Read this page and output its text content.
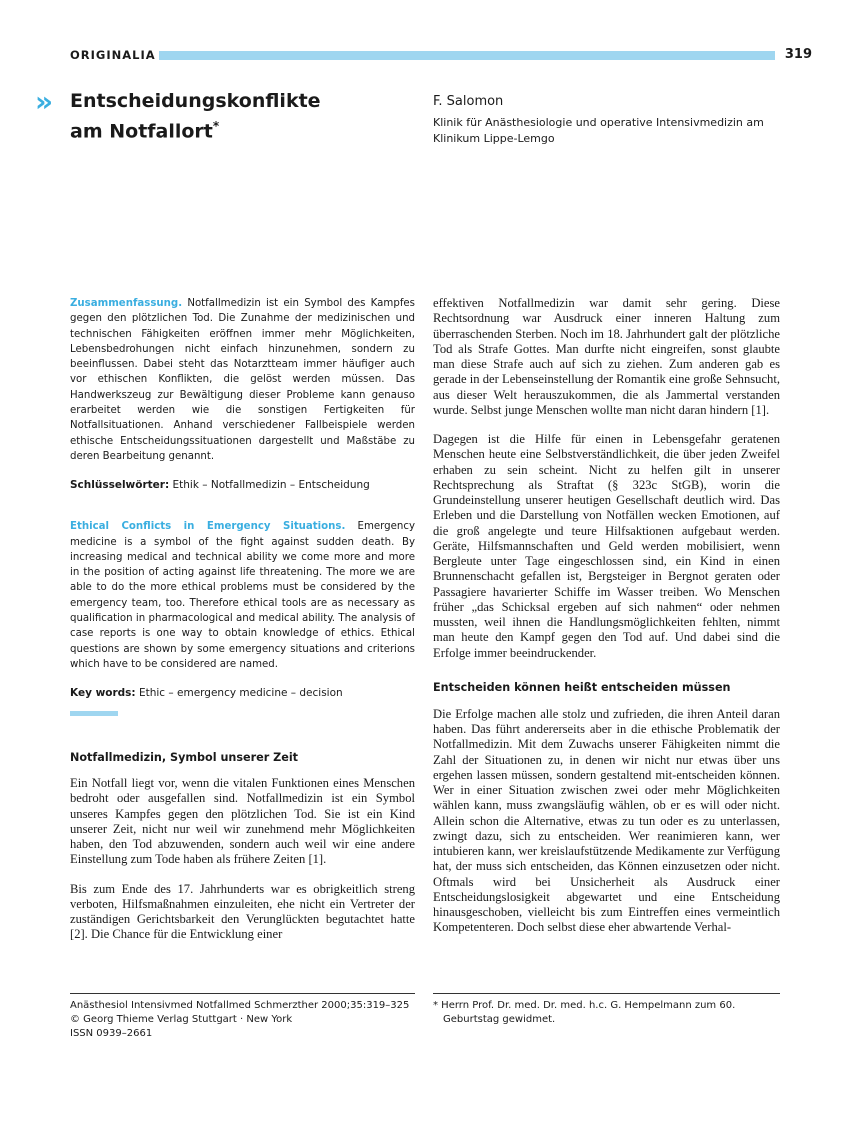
ORIGINALIA	319
» Entscheidungskonflikte
am Notfallort*
F. Salomon
Klinik für Anästhesiologie und operative Intensivmedizin am Klinikum Lippe-Lemgo

Zusammenfassung. Notfallmedizin ist ein Symbol des Kampfes gegen den plötzlichen Tod. Die Zunahme der medizinischen und technischen Fähigkeiten eröffnen immer mehr Möglichkeiten, Lebensbedrohungen nicht einfach hinzunehmen, sondern zu beeinflussen. Dabei steht das Notarztteam immer häufiger auch vor ethischen Konflikten, die gelöst werden müssen. Das Handwerkszeug zur Bewältigung dieser Probleme kann genauso erarbeitet werden wie die sonstigen Fertigkeiten für Notfallsituationen. Anhand verschiedener Fallbeispiele werden ethische Entscheidungssituationen dargestellt und Maßstäbe zu deren Bearbeitung genannt.

Schlüsselwörter: Ethik – Notfallmedizin – Entscheidung

Ethical Conflicts in Emergency Situations. Emergency medicine is a symbol of the fight against sudden death. By increasing medical and technical ability we come more and more in the position of acting against life threatening. The more we are able to do the more ethical problems must be considered by the emergency team, too. Therefore ethical tools are as necessary as qualification in pharmacological and medical ability. The analysis of case reports is one way to obtain knowledge of ethics. Ethical questions are shown by some emergency situations and criterions which have to be considered are named.

Key words: Ethic – emergency medicine – decision

Notfallmedizin, Symbol unserer Zeit

Ein Notfall liegt vor, wenn die vitalen Funktionen eines Menschen bedroht oder ausgefallen sind. Notfallmedizin ist ein Symbol unseres Kampfes gegen den plötzlichen Tod. Sie ist ein Kind unserer Zeit, nicht nur weil wir zunehmend mehr Möglichkeiten haben, den Tod abzuwenden, sondern auch weil wir eine andere Einstellung zum Tode haben als frühere Zeiten [1].

Bis zum Ende des 17. Jahrhunderts war es obrigkeitlich streng verboten, Hilfsmaßnahmen einzuleiten, ehe nicht ein Vertreter der zuständigen Gerichtsbarkeit den Verunglückten begutachtet hatte [2]. Die Chance für die Entwicklung einer

effektiven Notfallmedizin war damit sehr gering. Diese Rechtsordnung war Ausdruck einer inneren Haltung zum überraschenden Sterben. Noch im 18. Jahrhundert galt der plötzliche Tod als Strafe Gottes. Man durfte nicht eingreifen, sonst glaubte man diese Strafe auch auf sich zu ziehen. Zum anderen gab es gerade in der Lebenseinstellung der Romantik eine große Sehnsucht, aus dieser Welt herauszukommen, die als Jammertal verstanden wurde. Selbst junge Menschen wollte man nicht daran hindern [1].

Dagegen ist die Hilfe für einen in Lebensgefahr geratenen Menschen heute eine Selbstverständlichkeit, die über jeden Zweifel erhaben zu sein scheint. Nicht zu helfen gilt in unserer Rechtsprechung als Straftat (§ 323c StGB), worin die Grundeinstellung unserer heutigen Gesellschaft deutlich wird. Das Erleben und die Darstellung von Notfällen wecken Emotionen, auf die groß angelegte und teure Hilfsaktionen aufgebaut werden. Geräte, Hilfsmannschaften und Geld werden mobilisiert, wenn Bergleute unter Tage eingeschlossen sind, ein Kind in einen Brunnenschacht gefallen ist, Bergsteiger in Bergnot geraten oder Passagiere havarierter Schiffe im Wasser treiben. Wo Menschen früher „das Schicksal ergeben auf sich nahmen“ oder nehmen mussten, weil ihnen die Handlungsmöglichkeiten fehlten, nimmt man heute den Kampf gegen den Tod auf. Und dabei sind die Erfolge immer beeindruckender.

Entscheiden können heißt entscheiden müssen

Die Erfolge machen alle stolz und zufrieden, die ihren Anteil daran haben. Das führt andererseits aber in die ethische Problematik der Notfallmedizin. Mit dem Zuwachs unserer Fähigkeiten nimmt die Zahl der Situationen zu, in denen wir nicht nur etwas über uns ergehen lassen müssen, sondern gestaltend mit-entscheiden können. Wer in einer Situation zwischen zwei oder mehr Möglichkeiten wählen kann, muss zwangsläufig wählen, ob er es will oder nicht. Allein schon die Alternative, etwas zu tun oder es zu unterlassen, zwingt dazu, sich zu entscheiden. Wer reanimieren kann, wer intubieren kann, wer kreislaufstützende Medikamente zur Verfügung hat, der muss sich entscheiden, das Können einzusetzen oder nicht. Oftmals wird bei Unsicherheit als Ausdruck einer Entscheidungslosigkeit abgewartet und eine Entscheidung hinausgeschoben, vielleicht bis zum Eintreffen eines vermeintlich Kompetenteren. Doch selbst diese eher abwartende Verhal-

Anästhesiol Intensivmed Notfallmed Schmerzther 2000;35:319–325
© Georg Thieme Verlag Stuttgart · New York
ISSN 0939–2661
* Herrn Prof. Dr. med. Dr. med. h.c. G. Hempelmann zum 60. Geburtstag gewidmet.
